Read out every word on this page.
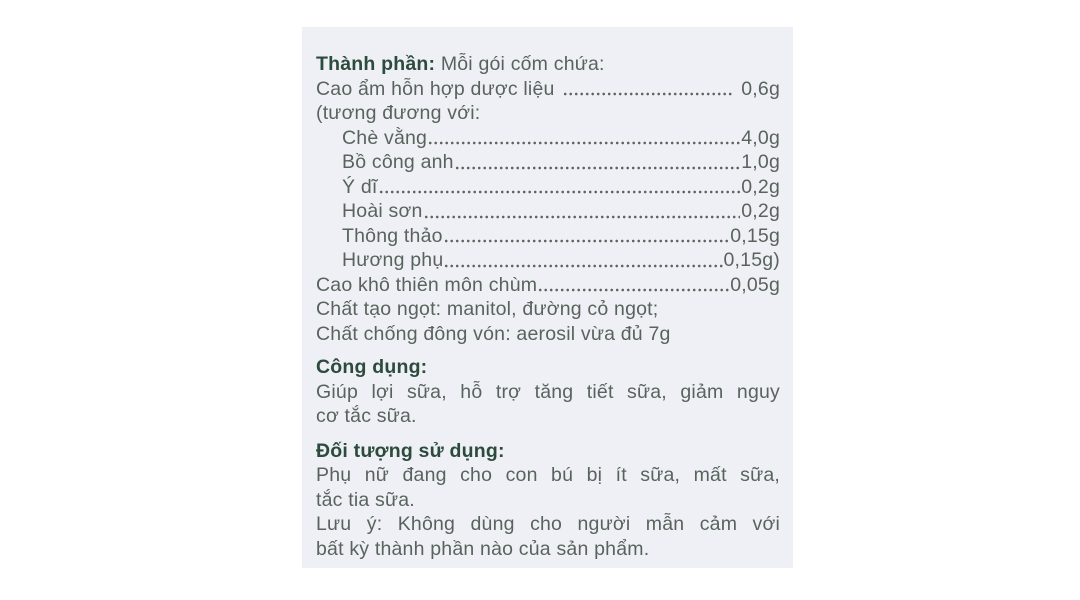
Thành phần: Mỗi gói cốm chứa:
Cao ẩm hỗn hợp dược liệu	0,6g
(tương đương với:
Chè vằng	4,0g
Bồ công anh	1,0g
Ý dĩ	0,2g
Hoài sơn	0,2g
Thông thảo	0,15g
Hương phụ	0,15g)
Cao khô thiên môn chùm	0,05g
Chất tạo ngọt: manitol, đường cỏ ngọt;
Chất chống đông vón: aerosil vừa đủ 7g
Công dụng:
Giúp lợi sữa, hỗ trợ tăng tiết sữa, giảm nguy
cơ tắc sữa.
Đối tượng sử dụng:
Phụ nữ đang cho con bú bị ít sữa, mất sữa,
tắc tia sữa.
Lưu ý: Không dùng cho người mẫn cảm với
bất kỳ thành phần nào của sản phẩm.
